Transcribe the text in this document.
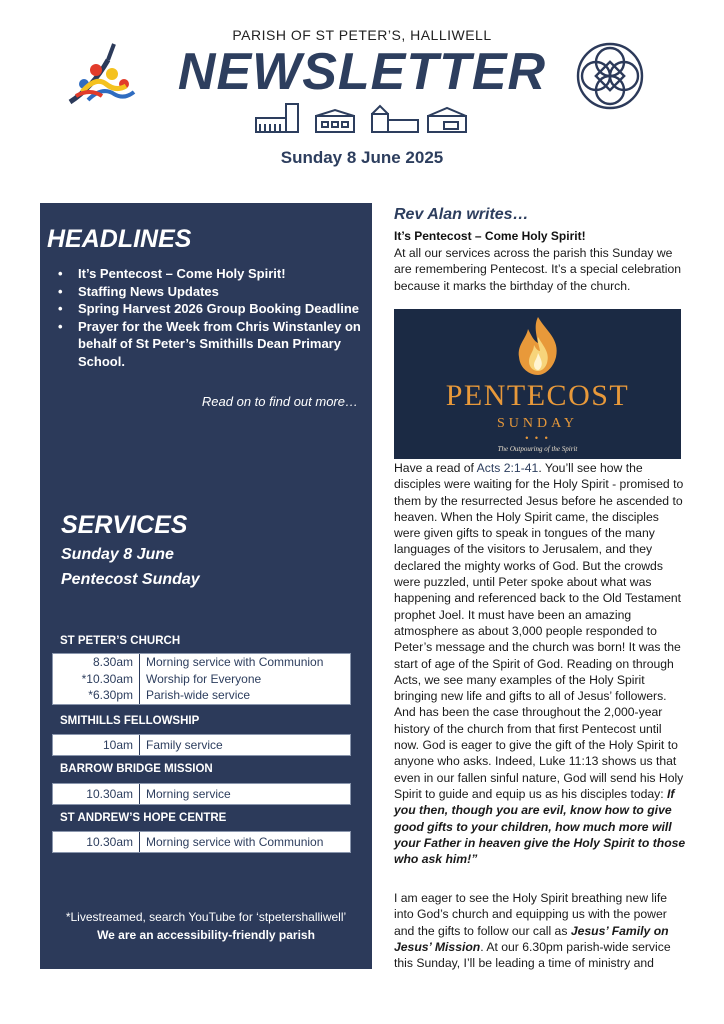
PARISH OF ST PETER’S, HALLIWELL
NEWSLETTER
Sunday 8 June 2025
HEADLINES
• It’s Pentecost – Come Holy Spirit!
• Staffing News Updates
• Spring Harvest 2026 Group Booking Deadline
• Prayer for the Week from Chris Winstanley on behalf of St Peter’s Smithills Dean Primary School.
Read on to find out more…
SERVICES
Sunday 8 June
Pentecost Sunday
ST PETER’S CHURCH
8.30am	Morning service with Communion
*10.30am	Worship for Everyone
*6.30pm	Parish-wide service
SMITHILLS FELLOWSHIP
10am	Family service
BARROW BRIDGE MISSION
10.30am	Morning service
ST ANDREW’S HOPE CENTRE
10.30am	Morning service with Communion
*Livestreamed, search YouTube for ‘stpetershalliwell’
We are an accessibility-friendly parish
Rev Alan writes…
It’s Pentecost – Come Holy Spirit!
At all our services across the parish this Sunday we are remembering Pentecost. It’s a special celebration because it marks the birthday of the church.
PENTECOST
SUNDAY
• • •
The Outpouring of the Spirit
Have a read of Acts 2:1-41. You’ll see how the disciples were waiting for the Holy Spirit - promised to them by the resurrected Jesus before he ascended to heaven. When the Holy Spirit came, the disciples were given gifts to speak in tongues of the many languages of the visitors to Jerusalem, and they declared the mighty works of God. But the crowds were puzzled, until Peter spoke about what was happening and referenced back to the Old Testament prophet Joel. It must have been an amazing atmosphere as about 3,000 people responded to Peter’s message and the church was born! It was the start of age of the Spirit of God. Reading on through Acts, we see many examples of the Holy Spirit bringing new life and gifts to all of Jesus’ followers. And has been the case throughout the 2,000-year history of the church from that first Pentecost until now. God is eager to give the gift of the Holy Spirit to anyone who asks. Indeed, Luke 11:13 shows us that even in our fallen sinful nature, God will send his Holy Spirit to guide and equip us as his disciples today: If you then, though you are evil, know how to give good gifts to your children, how much more will your Father in heaven give the Holy Spirit to those who ask him!”
I am eager to see the Holy Spirit breathing new life into God’s church and equipping us with the power and the gifts to follow our call as Jesus’ Family on Jesus’ Mission. At our 6.30pm parish-wide service this Sunday, I’ll be leading a time of ministry and
